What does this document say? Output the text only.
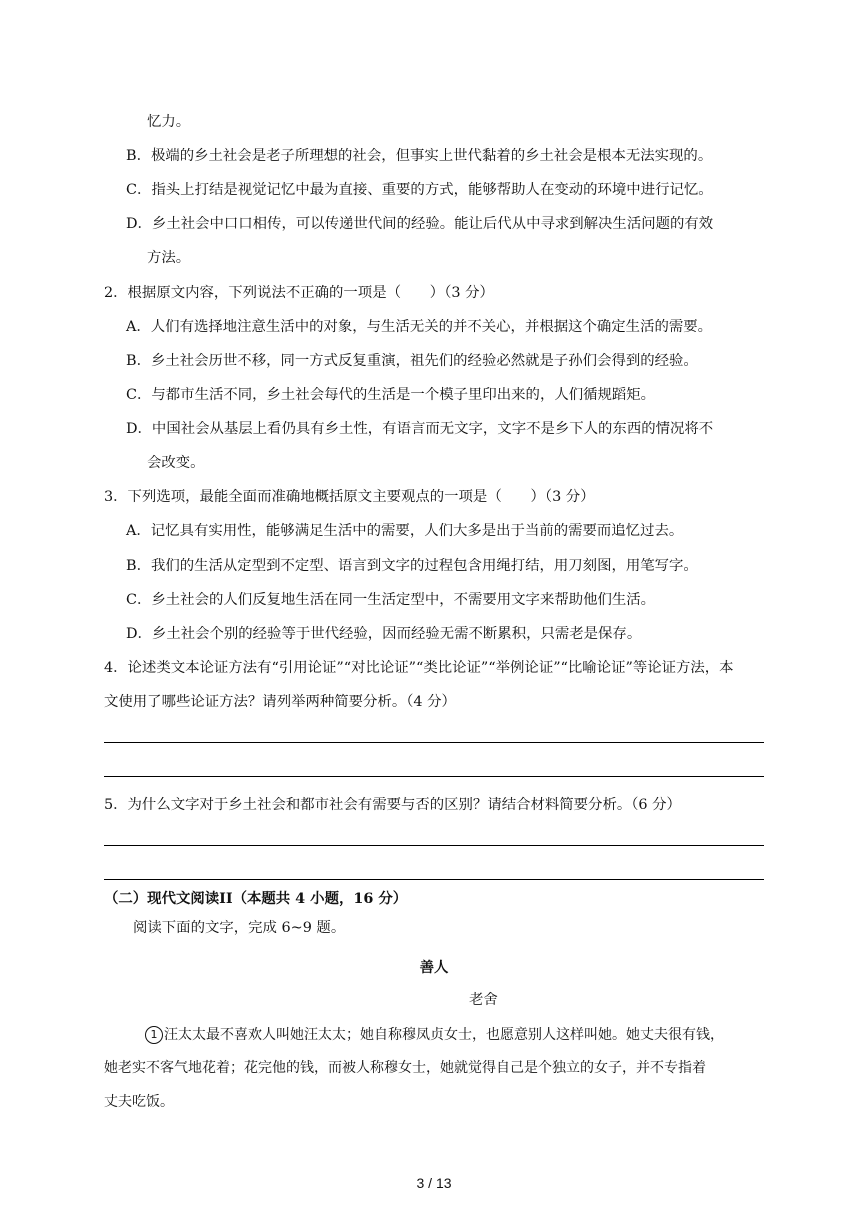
忆力。
B．极端的乡土社会是老子所理想的社会，但事实上世代黏着的乡土社会是根本无法实现的。
C．指头上打结是视觉记忆中最为直接、重要的方式，能够帮助人在变动的环境中进行记忆。
D．乡土社会中口口相传，可以传递世代间的经验。能让后代从中寻求到解决生活问题的有效
方法。
2．根据原文内容，下列说法不正确的一项是（　　）（3 分）
A．人们有选择地注意生活中的对象，与生活无关的并不关心，并根据这个确定生活的需要。
B．乡土社会历世不移，同一方式反复重演，祖先们的经验必然就是子孙们会得到的经验。
C．与都市生活不同，乡土社会每代的生活是一个模子里印出来的，人们循规蹈矩。
D．中国社会从基层上看仍具有乡土性，有语言而无文字，文字不是乡下人的东西的情况将不
会改变。
3．下列选项，最能全面而准确地概括原文主要观点的一项是（　　）（3 分）
A．记忆具有实用性，能够满足生活中的需要，人们大多是出于当前的需要而追忆过去。
B．我们的生活从定型到不定型、语言到文字的过程包含用绳打结，用刀刻图，用笔写字。
C．乡土社会的人们反复地生活在同一生活定型中，不需要用文字来帮助他们生活。
D．乡土社会个别的经验等于世代经验，因而经验无需不断累积，只需老是保存。
4．论述类文本论证方法有“引用论证”“对比论证”“类比论证”“举例论证”“比喻论证”等论证方法，本
文使用了哪些论证方法？请列举两种简要分析。（4 分）
5．为什么文字对于乡土社会和都市社会有需要与否的区别？请结合材料简要分析。（6 分）
（二）现代文阅读II（本题共 4 小题，16 分）
阅读下面的文字，完成 6~9 题。
善人
老舍
1 汪太太最不喜欢人叫她汪太太；她自称穆凤贞女士，也愿意别人这样叫她。她丈夫很有钱，
她老实不客气地花着；花完他的钱，而被人称穆女士，她就觉得自己是个独立的女子，并不专指着
丈夫吃饭。
3 / 13
